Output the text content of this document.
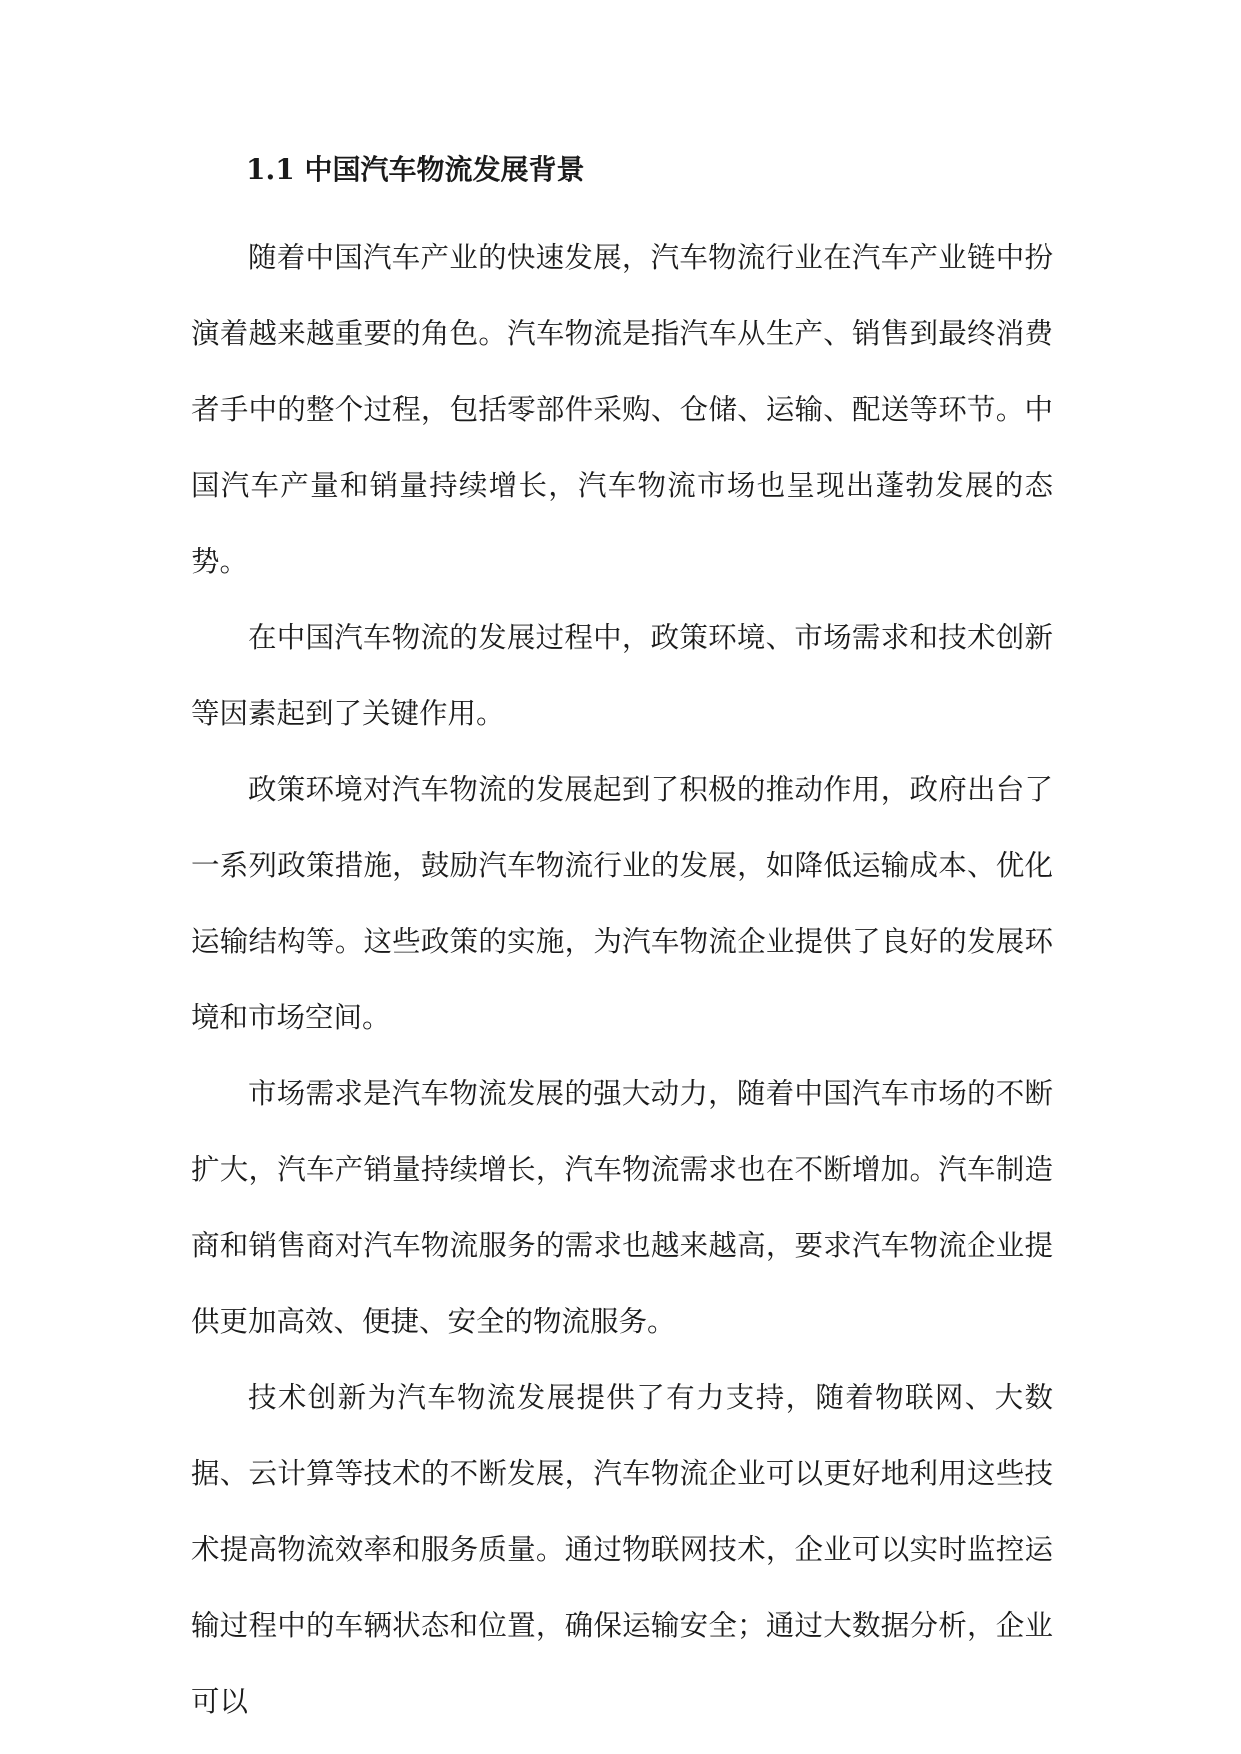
1.1 中国汽车物流发展背景

随着中国汽车产业的快速发展，汽车物流行业在汽车产业链中扮演着越来越重要的角色。汽车物流是指汽车从生产、销售到最终消费者手中的整个过程，包括零部件采购、仓储、运输、配送等环节。中国汽车产量和销量持续增长，汽车物流市场也呈现出蓬勃发展的态势。

在中国汽车物流的发展过程中，政策环境、市场需求和技术创新等因素起到了关键作用。

政策环境对汽车物流的发展起到了积极的推动作用，政府出台了一系列政策措施，鼓励汽车物流行业的发展，如降低运输成本、优化运输结构等。这些政策的实施，为汽车物流企业提供了良好的发展环境和市场空间。

市场需求是汽车物流发展的强大动力，随着中国汽车市场的不断扩大，汽车产销量持续增长，汽车物流需求也在不断增加。汽车制造商和销售商对汽车物流服务的需求也越来越高，要求汽车物流企业提供更加高效、便捷、安全的物流服务。

技术创新为汽车物流发展提供了有力支持，随着物联网、大数据、云计算等技术的不断发展，汽车物流企业可以更好地利用这些技术提高物流效率和服务质量。通过物联网技术，企业可以实时监控运输过程中的车辆状态和位置，确保运输安全；通过大数据分析，企业可以
